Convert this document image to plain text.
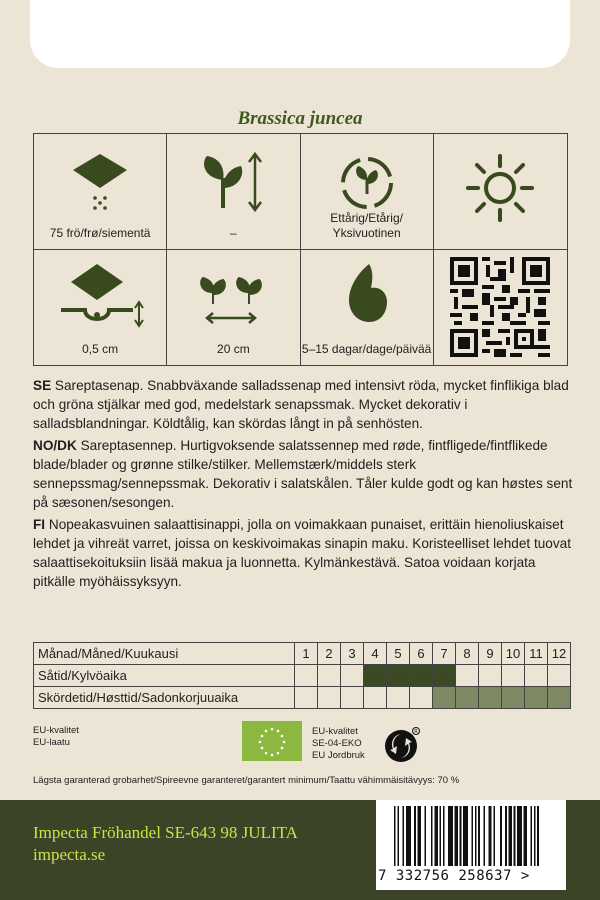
Brassica juncea
75 frö/frø/siementä	–
Ettårig/Etårig/ Yksivuotinen
0,5 cm	20 cm	5–15 dagar/dage/päivää

SE Sareptasenap. Snabbväxande salladssenap med intensivt röda, mycket finflikiga blad och gröna stjälkar med god, medelstark senapssmak. Mycket dekorativ i salladsblandningar. Köldtålig, kan skördas långt in på senhösten.

NO/DK Sareptasennep. Hurtigvoksende salatssennep med røde, fintfligede/fintflikede blade/blader og grønne stilke/stilker. Mellemstærk/middels sterk sennepssmag/sennepssmak. Dekorativ i salatskålen. Tåler kulde godt og kan høstes sent på sæsonen/sesongen.

FI Nopeakasvuinen salaattisinappi, jolla on voimakkaan punaiset, erittäin hienoliuskaiset lehdet ja vihreät varret, joissa on keskivoimakas sinapin maku. Koristeelliset lehdet tuovat salaattisekoituksiin lisää makua ja luonnetta. Kylmänkestävä. Satoa voidaan korjata pitkälle myöhäissyksyyn.

Månad/Måned/Kuukausi	1	2	3	4	5	6	7	8	9	10	11	12
Såtid/Kylvöaika												
Skördetid/Høsttid/Sadonkorjuuaika												
EU-kvalitet
EU-laatu
EU-kvalitet
SE-04-EKO
EU Jordbruk
R
Lägsta garanterad grobarhet/Spireevne garanteret/garantert minimum/Taattu vähimmäisitävyys: 70 %
Impecta Fröhandel SE-643 98 JULITA
impecta.se
7 332756 258637 >
